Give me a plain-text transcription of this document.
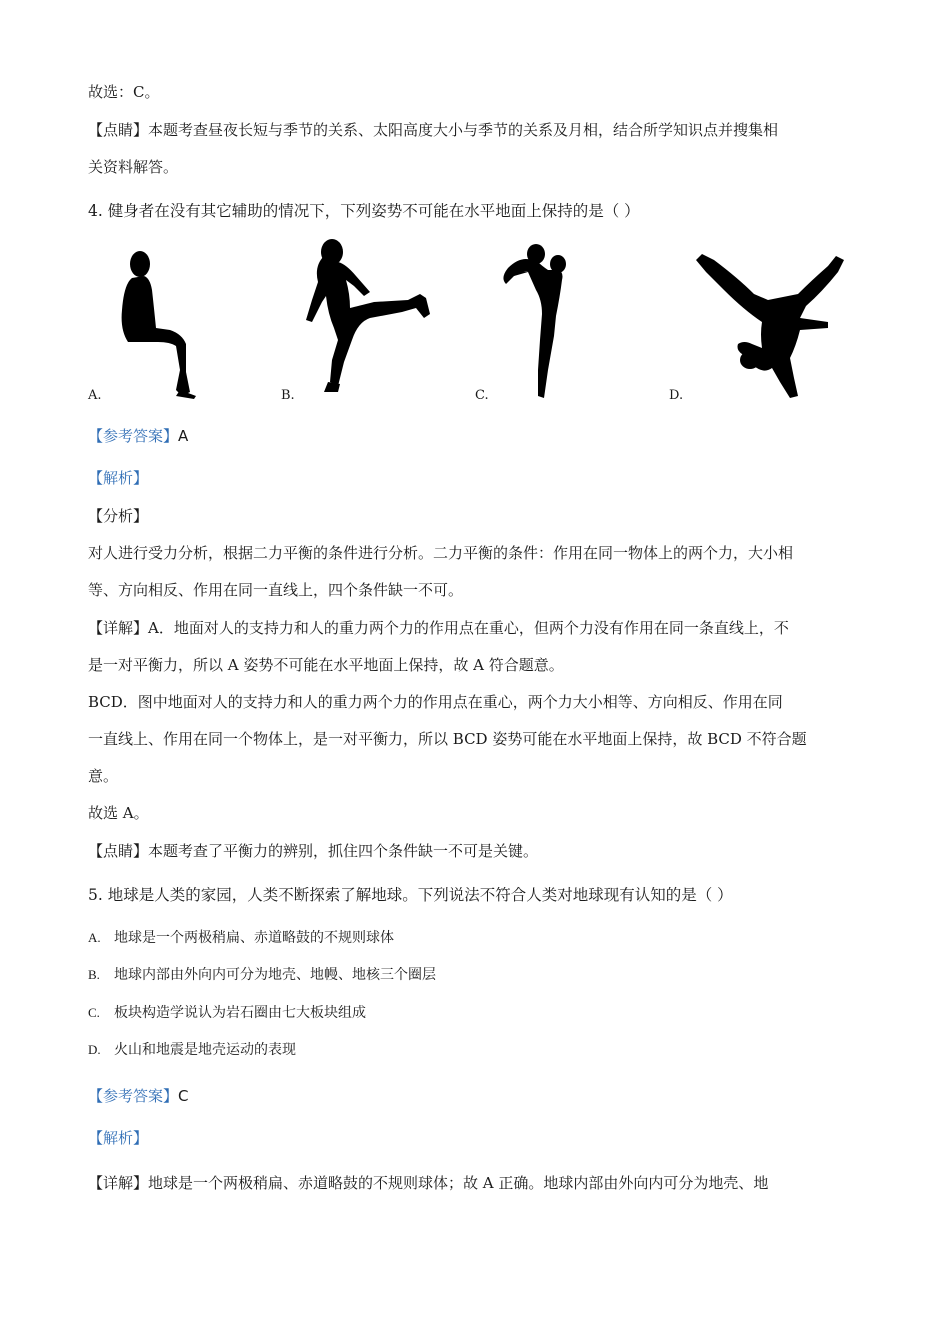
故选：C。
【点睛】本题考查昼夜长短与季节的关系、太阳高度大小与季节的关系及月相，结合所学知识点并搜集相
关资料解答。
4. 健身者在没有其它辅助的情况下，下列姿势不可能在水平地面上保持的是（ ）
A.	B.	C.	D.
【参考答案】A
【解析】
【分析】
对人进行受力分析，根据二力平衡的条件进行分析。二力平衡的条件：作用在同一物体上的两个力，大小相
等、方向相反、作用在同一直线上，四个条件缺一不可。
【详解】A．地面对人的支持力和人的重力两个力的作用点在重心，但两个力没有作用在同一条直线上，不
是一对平衡力，所以 A 姿势不可能在水平地面上保持，故 A 符合题意。
BCD．图中地面对人的支持力和人的重力两个力的作用点在重心，两个力大小相等、方向相反、作用在同
一直线上、作用在同一个物体上，是一对平衡力，所以 BCD 姿势可能在水平地面上保持，故 BCD 不符合题
意。
故选 A。
【点睛】本题考查了平衡力的辨别，抓住四个条件缺一不可是关键。
5. 地球是人类的家园，人类不断探索了解地球。下列说法不符合人类对地球现有认知的是（ ）
A. 地球是一个两极稍扁、赤道略鼓的不规则球体
B. 地球内部由外向内可分为地壳、地幔、地核三个圈层
C. 板块构造学说认为岩石圈由七大板块组成
D. 火山和地震是地壳运动的表现
【参考答案】C
【解析】
【详解】地球是一个两极稍扁、赤道略鼓的不规则球体；故 A 正确。地球内部由外向内可分为地壳、地
